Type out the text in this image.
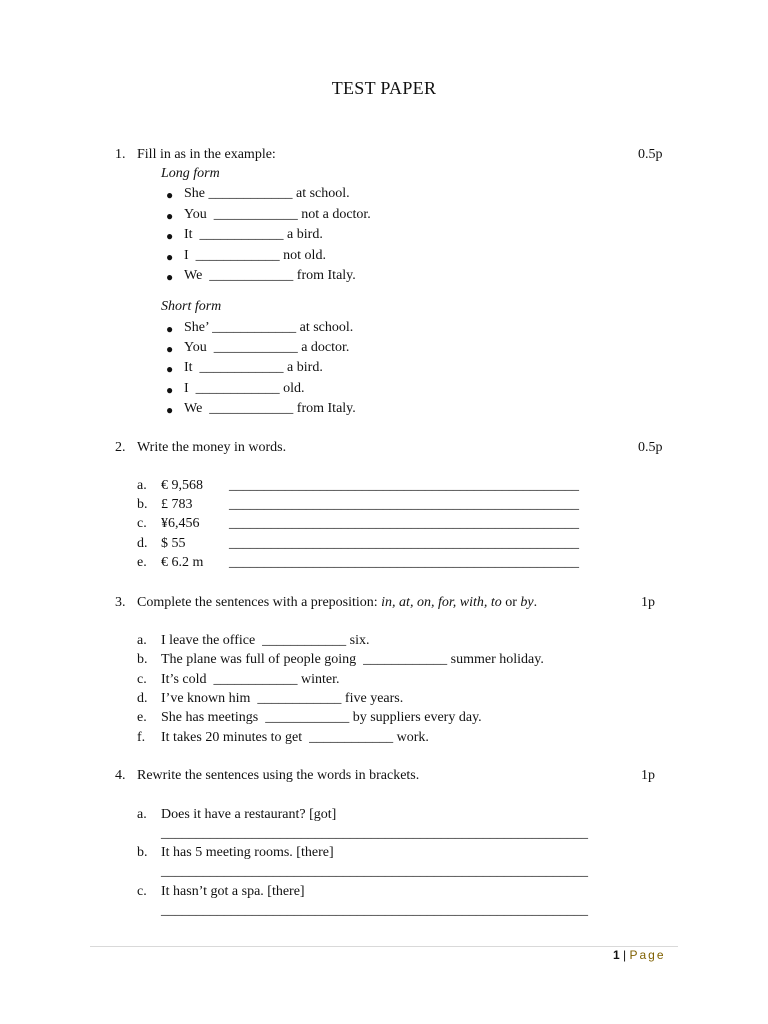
TEST PAPER
1. Fill in as in the example:	0.5p
Long form
● She ____________ at school.
● You  ____________ not a doctor.
● It  ____________ a bird.
● I  ____________ not old.
● We  ____________ from Italy.
Short form
● She’ ____________ at school.
● You  ____________ a doctor.
● It  ____________ a bird.
● I  ____________ old.
● We  ____________ from Italy.
2. Write the money in words.	0.5p
a. € 9,568 __________________________________________________
b. £ 783	__________________________________________________
c. ¥6,456 __________________________________________________
d. $ 55	__________________________________________________
e. € 6.2 m __________________________________________________
3. Complete the sentences with a preposition: in, at, on, for, with, to or by.	1p
a. I leave the office  ____________ six.
b. The plane was full of people going  ____________ summer holiday.
c. It’s cold  ____________ winter.
d. I’ve known him  ____________ five years.
e. She has meetings  ____________ by suppliers every day.
f. It takes 20 minutes to get  ____________ work.
4. Rewrite the sentences using the words in brackets.	1p
a. Does it have a restaurant? [got]
_____________________________________________________________
b. It has 5 meeting rooms. [there]
_____________________________________________________________
c. It hasn’t got a spa. [there]
_____________________________________________________________
1 | Page
